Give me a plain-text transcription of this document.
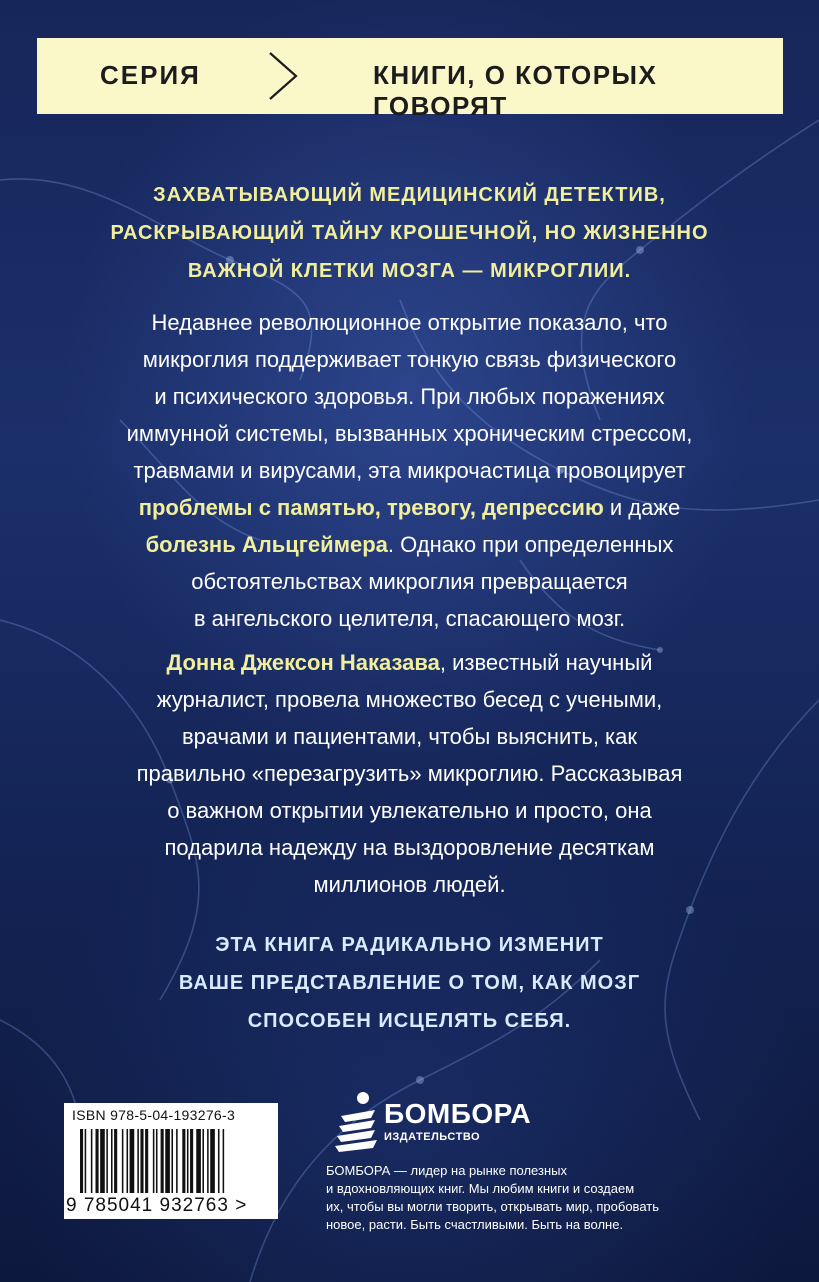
СЕРИЯ	КНИГИ, О КОТОРЫХ ГОВОРЯТ
ЗАХВАТЫВАЮЩИЙ МЕДИЦИНСКИЙ ДЕТЕКТИВ,
РАСКРЫВАЮЩИЙ ТАЙНУ КРОШЕЧНОЙ, НО ЖИЗНЕННО
ВАЖНОЙ КЛЕТКИ МОЗГА — МИКРОГЛИИ.
Недавнее революционное открытие показало, что
микроглия поддерживает тонкую связь физического
и психического здоровья. При любых поражениях
иммунной системы, вызванных хроническим стрессом,
травмами и вирусами, эта микрочастица провоцирует
проблемы с памятью, тревогу, депрессию и даже
болезнь Альцгеймера. Однако при определенных
обстоятельствах микроглия превращается
в ангельского целителя, спасающего мозг.
Донна Джексон Наказава, известный научный
журналист, провела множество бесед с учеными,
врачами и пациентами, чтобы выяснить, как
правильно «перезагрузить» микроглию. Рассказывая
о важном открытии увлекательно и просто, она
подарила надежду на выздоровление десяткам
миллионов людей.
ЭТА КНИГА РАДИКАЛЬНО ИЗМЕНИТ
ВАШЕ ПРЕДСТАВЛЕНИЕ О ТОМ, КАК МОЗГ
СПОСОБЕН ИСЦЕЛЯТЬ СЕБЯ.
ISBN 978-5-04-193276-3
9 785041 932763 >
БОМБОРА
ИЗДАТЕЛЬСТВО
БОМБОРА — лидер на рынке полезных
и вдохновляющих книг. Мы любим книги и создаем
их, чтобы вы могли творить, открывать мир, пробовать
новое, расти. Быть счастливыми. Быть на волне.
